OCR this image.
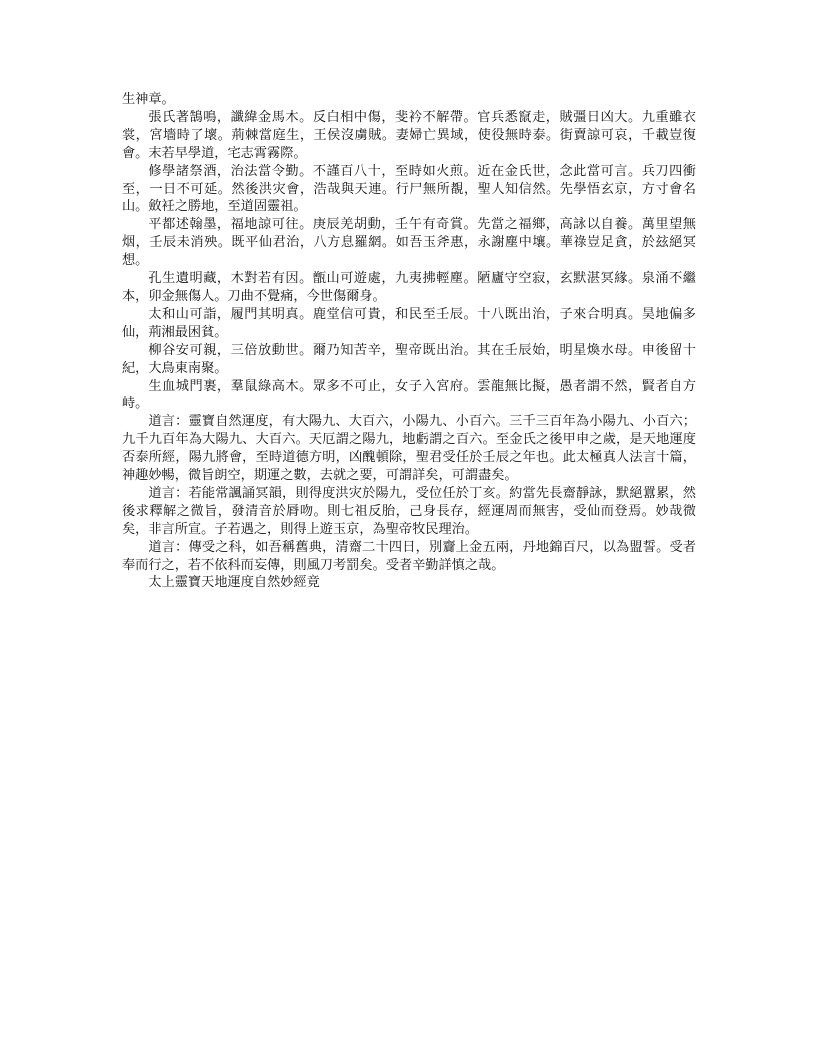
生神章。

張氏著鵠鳴，讖緯金馬木。反白相中傷，斐衿不解帶。官兵悉竄走，賊彊日凶大。九重雖衣裳，宮墻時了壞。荊棘當庭生，王侯沒虜賊。妻婦亡異域，使役無時泰。街賣諒可哀，千載豈復會。末若早學道，宅志霄霧際。

修學諸祭酒，治法當令勤。不謹百八十，至時如火煎。近在金氏世，念此當可言。兵刀四衝至，一日不可延。然後洪灾會，浩哉與天連。行尸無所覩，聖人知信然。先學悟玄京，方寸會名山。斂衽之勝地，至道固靈祖。

平都述翰墨，福地諒可往。庚辰羌胡動，壬午有奇賞。先當之福鄉，高詠以自養。萬里望無烟，壬辰未消殃。既平仙君治，八方息羅網。如吾玉斧惠，永謝塵中壤。華祿豈足貪，於玆絕冥想。

孔生遺明藏，木對若有因。甑山可遊處，九夷拂輕塵。陋廬守空寂，玄默湛冥緣。泉涌不繼本，卯金無傷人。刀曲不覺痛，今世傷爾身。

太和山可詣，履門其明真。鹿堂信可貴，和民至壬辰。十八既出治，子來合明真。昊地偏多仙，荊湘最困貧。

柳谷安可親，三倍放動世。爾乃知苦辛，聖帝既出治。其在壬辰始，明星煥水母。申後留十紀，大鳥東南聚。

生血城門裹，羣鼠綠高木。眾多不可止，女子入宮府。雲龍無比擬，愚者謂不然，賢者自方峙。

道言：靈寶自然運度，有大陽九、大百六，小陽九、小百六。三千三百年為小陽九、小百六；九千九百年為大陽九、大百六。天厄謂之陽九，地虧謂之百六。至金氏之後甲申之歲，是天地運度否泰所經，陽九將會，至時道德方明，凶醜頓除，聖君受任於壬辰之年也。此太極真人法言十篇，神趣妙暢，微旨朗空，期運之數，去就之要，可謂詳矣，可謂盡矣。

道言：若能常諷誦冥韻，則得度洪灾於陽九，受位任於丁亥。約當先長齋靜詠，默絕囂累，然後求釋解之微旨，發清音於脣吻。則七祖反胎，己身長存，經運周而無害，受仙而登焉。妙哉微矣，非言所宣。子若遇之，則得上遊玉京，為聖帝牧民理治。

道言：傳受之科，如吾稱舊典，清齋二十四日，別齎上金五兩，丹地錦百尺，以為盟誓。受者奉而行之，若不依科而妄傳，則風刀考罰矣。受者辛勤詳慎之哉。

太上靈寶天地運度自然妙經竟
